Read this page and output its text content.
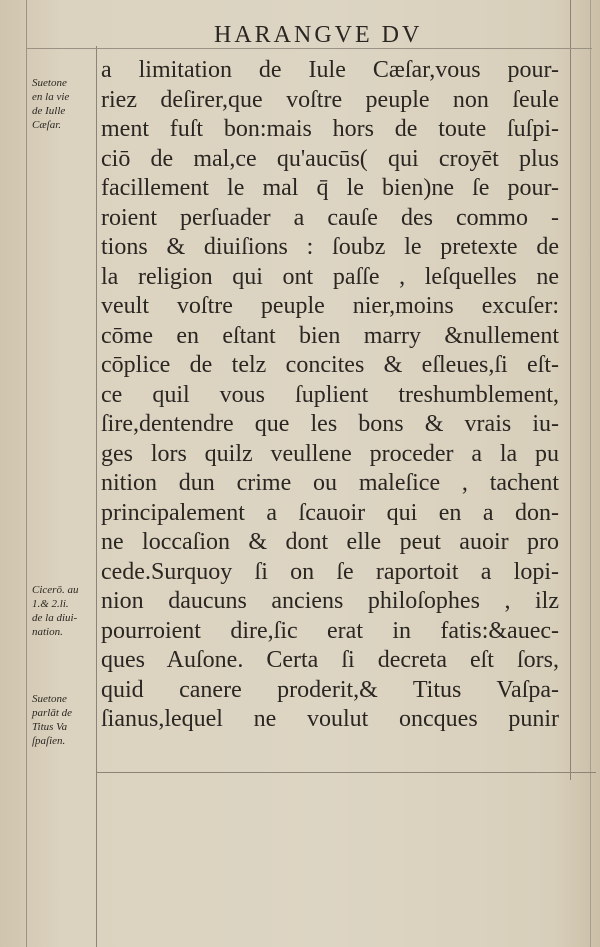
HARANGVE DV
Suetone
en la vie
de Iulle
Cæſar.
Cicerō. au
1.& 2.li.
de la diui-
nation.
Suetone
parlāt de
Titus Va
ſpaſien.
a limitation de Iule Cæſar,vous pour-
riez deſirer,que voſtre peuple non ſeule
ment fuſt bon:mais hors de toute ſuſpi-
ciō de mal,ce qu'aucūs( qui croyēt plus
facillement le mal q̄ le bien)ne ſe pour-
roient perſuader a cauſe des commo -
tions & diuiſions : ſoubz le pretexte de
la religion qui ont paſſe , leſquelles ne
veult voſtre peuple nier,moins excuſer:
cōme en eſtant bien marry &nullement
cōplice de telz concites & eſleues,ſi eſt-
ce quil vous ſuplient treshumblement,
ſire,dentendre que les bons & vrais iu-
ges lors quilz veullene proceder a la pu
nition dun crime ou maleſice , tachent
principalement a ſcauoir qui en a don-
ne loccaſion & dont elle peut auoir pro
cede.Surquoy ſi on ſe raportoit a lopi-
nion daucuns anciens philoſophes , ilz
pourroient dire,ſic erat in fatis:&auec-
ques Auſone. Certa ſi decreta eſt ſors,
quid canere proderit,& Titus Vaſpa-
ſianus,lequel ne voulut oncques punir
